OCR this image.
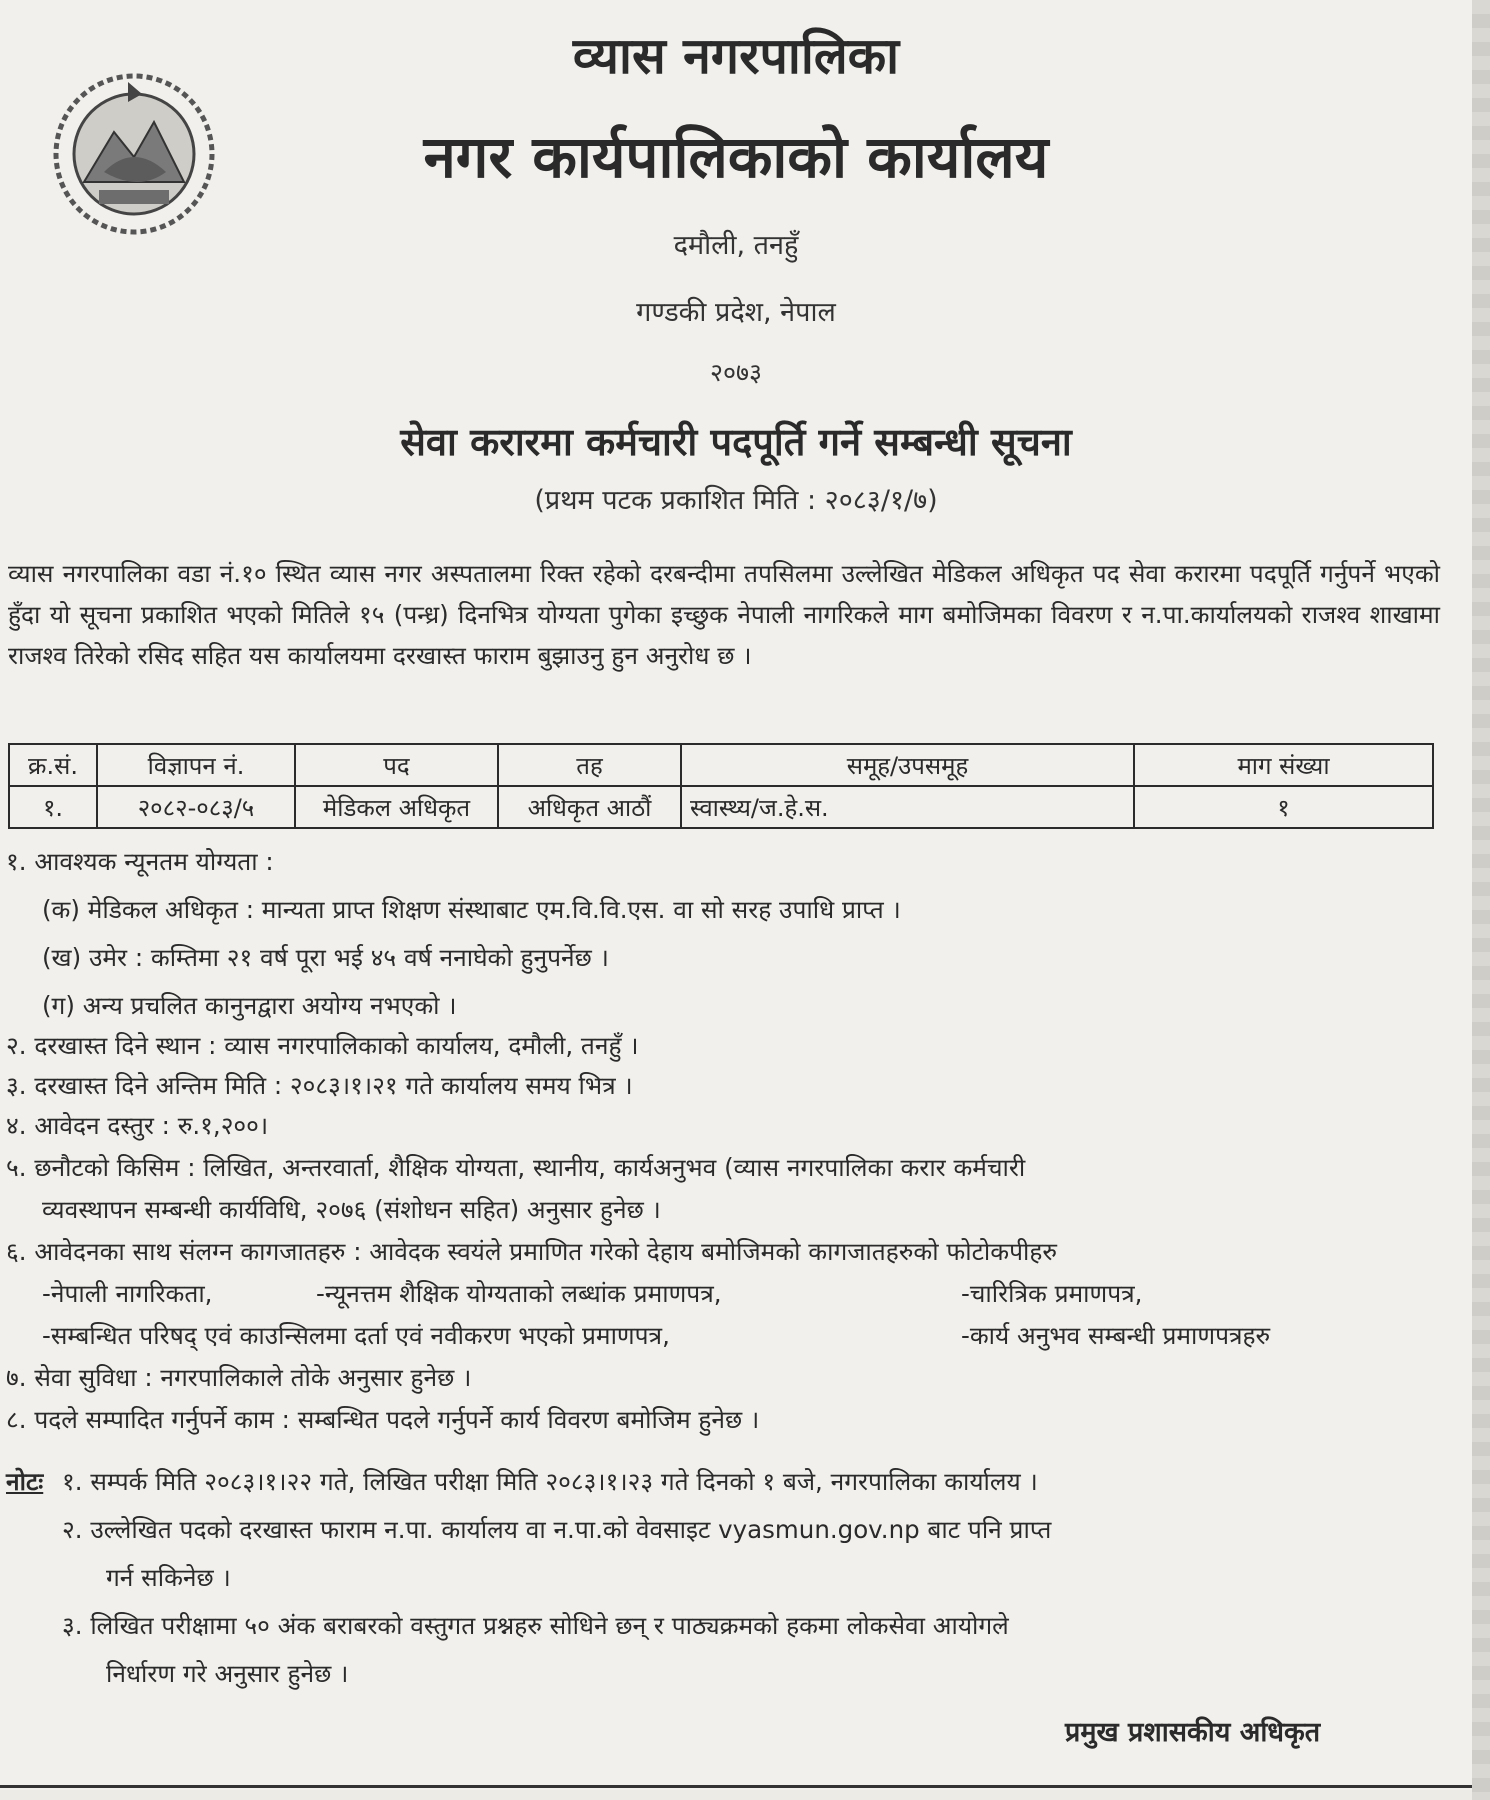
व्यास नगरपालिका
नगर कार्यपालिकाको कार्यालय
दमौली, तनहुँ
गण्डकी प्रदेश, नेपाल
२०७३
सेवा करारमा कर्मचारी पदपूर्ति गर्ने सम्बन्धी सूचना
(प्रथम पटक प्रकाशित मिति : २०८३/१/७)
व्यास नगरपालिका वडा नं.१० स्थित व्यास नगर अस्पतालमा रिक्त रहेको दरबन्दीमा तपसिलमा उल्लेखित मेडिकल अधिकृत पद सेवा करारमा पदपूर्ति गर्नुपर्ने भएको हुँदा यो सूचना प्रकाशित भएको मितिले १५ (पन्ध्र) दिनभित्र योग्यता पुगेका इच्छुक नेपाली नागरिकले माग बमोजिमका विवरण र न.पा.कार्यालयको राजश्व शाखामा राजश्व तिरेको रसिद सहित यस कार्यालयमा दरखास्त फाराम बुझाउनु हुन अनुरोध छ ।
क्र.सं.	विज्ञापन नं.	पद	तह	समूह/उपसमूह	माग संख्या
१.	२०८२-०८३/५	मेडिकल अधिकृत	अधिकृत आठौं	स्वास्थ्य/ज.हे.स.	१
१. आवश्यक न्यूनतम योग्यता :
(क) मेडिकल अधिकृत : मान्यता प्राप्त शिक्षण संस्थाबाट एम.वि.वि.एस. वा सो सरह उपाधि प्राप्त ।
(ख) उमेर : कम्तिमा २१ वर्ष पूरा भई ४५ वर्ष ननाघेको हुनुपर्नेछ ।
(ग) अन्य प्रचलित कानुनद्वारा अयोग्य नभएको ।
२. दरखास्त दिने स्थान : व्यास नगरपालिकाको कार्यालय, दमौली, तनहुँ ।
३. दरखास्त दिने अन्तिम मिति : २०८३।१।२१ गते कार्यालय समय भित्र ।
४. आवेदन दस्तुर : रु.१,२००।
५. छनौटको किसिम : लिखित, अन्तरवार्ता, शैक्षिक योग्यता, स्थानीय, कार्यअनुभव (व्यास नगरपालिका करार कर्मचारी
व्यवस्थापन सम्बन्धी कार्यविधि, २०७६ (संशोधन सहित) अनुसार हुनेछ ।
६. आवेदनका साथ संलग्न कागजातहरु : आवेदक स्वयंले प्रमाणित गरेको देहाय बमोजिमको कागजातहरुको फोटोकपीहरु
-नेपाली नागरिकता,	-न्यूनत्तम शैक्षिक योग्यताको लब्धांक प्रमाणपत्र,	-चारित्रिक प्रमाणपत्र,
-सम्बन्धित परिषद् एवं काउन्सिलमा दर्ता एवं नवीकरण भएको प्रमाणपत्र,	-कार्य अनुभव सम्बन्धी प्रमाणपत्रहरु
७. सेवा सुविधा : नगरपालिकाले तोके अनुसार हुनेछ ।
८. पदले सम्पादित गर्नुपर्ने काम : सम्बन्धित पदले गर्नुपर्ने कार्य विवरण बमोजिम हुनेछ ।
नोटः १. सम्पर्क मिति २०८३।१।२२ गते, लिखित परीक्षा मिति २०८३।१।२३ गते दिनको १ बजे, नगरपालिका कार्यालय ।
२. उल्लेखित पदको दरखास्त फाराम न.पा. कार्यालय वा न.पा.को वेवसाइट vyasmun.gov.np बाट पनि प्राप्त
गर्न सकिनेछ ।
३. लिखित परीक्षामा ५० अंक बराबरको वस्तुगत प्रश्नहरु सोधिने छन् र पाठ्यक्रमको हकमा लोकसेवा आयोगले
निर्धारण गरे अनुसार हुनेछ ।
प्रमुख प्रशासकीय अधिकृत
